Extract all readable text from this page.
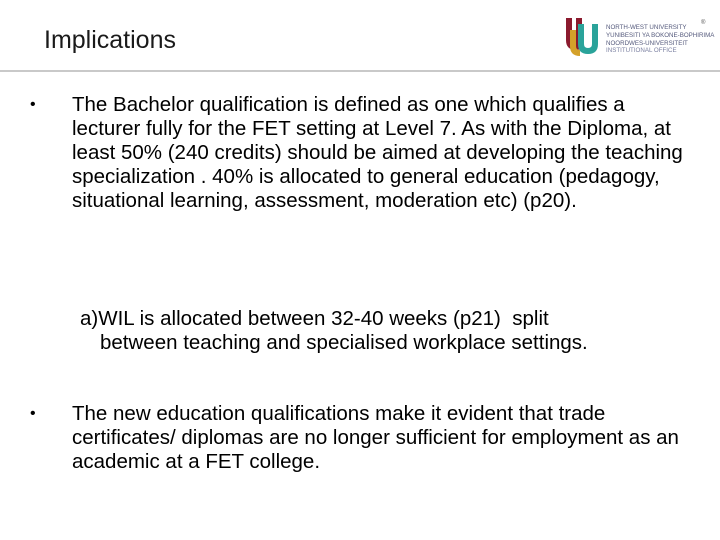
Implications	NORTH-WEST UNIVERSITY
YUNIBESITI YA BOKONE-BOPHIRIMA
NOORDWES-UNIVERSITEIT
INSTITUTIONAL OFFICE
®
•	The Bachelor qualification is defined as one which qualifies a lecturer fully for the FET setting at Level 7. As with the Diploma, at least 50% (240 credits) should be aimed at developing the teaching specialization . 40% is allocated to general education (pedagogy, situational learning, assessment, moderation etc) (p20).
a)WIL is allocated between 32-40 weeks (p21)  split
between teaching and specialised workplace settings.
•	The new education qualifications make it evident that trade certificates/ diplomas are no longer sufficient for employment as an academic at a FET college.
